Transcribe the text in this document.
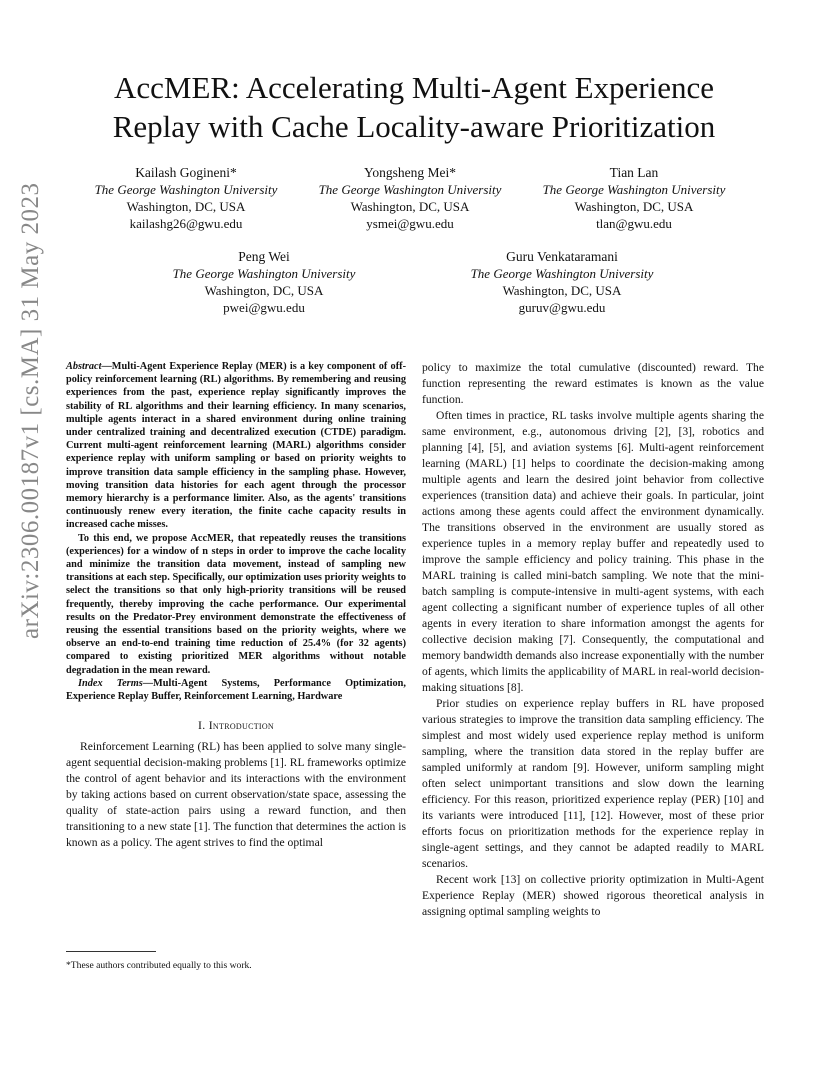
arXiv:2306.00187v1 [cs.MA] 31 May 2023
AccMER: Accelerating Multi-Agent Experience
Replay with Cache Locality-aware Prioritization
Kailash Gogineni*
The George Washington University
Washington, DC, USA
kailashg26@gwu.edu
Yongsheng Mei*
The George Washington University
Washington, DC, USA
ysmei@gwu.edu
Tian Lan
The George Washington University
Washington, DC, USA
tlan@gwu.edu
Peng Wei
The George Washington University
Washington, DC, USA
pwei@gwu.edu
Guru Venkataramani
The George Washington University
Washington, DC, USA
guruv@gwu.edu

Abstract—Multi-Agent Experience Replay (MER) is a key component of off-policy reinforcement learning (RL) algorithms. By remembering and reusing experiences from the past, experience replay significantly improves the stability of RL algorithms and their learning efficiency. In many scenarios, multiple agents interact in a shared environment during online training under centralized training and decentralized execution (CTDE) paradigm. Current multi-agent reinforcement learning (MARL) algorithms consider experience replay with uniform sampling or based on priority weights to improve transition data sample efficiency in the sampling phase. However, moving transition data histories for each agent through the processor memory hierarchy is a performance limiter. Also, as the agents' transitions continuously renew every iteration, the finite cache capacity results in increased cache misses.

To this end, we propose AccMER, that repeatedly reuses the transitions (experiences) for a window of n steps in order to improve the cache locality and minimize the transition data movement, instead of sampling new transitions at each step. Specifically, our optimization uses priority weights to select the transitions so that only high-priority transitions will be reused frequently, thereby improving the cache performance. Our experimental results on the Predator-Prey environment demonstrate the effectiveness of reusing the essential transitions based on the priority weights, where we observe an end-to-end training time reduction of 25.4% (for 32 agents) compared to existing prioritized MER algorithms without notable degradation in the mean reward.

Index Terms—Multi-Agent Systems, Performance Optimization, Experience Replay Buffer, Reinforcement Learning, Hardware

I. Introduction

Reinforcement Learning (RL) has been applied to solve many single-agent sequential decision-making problems [1]. RL frameworks optimize the control of agent behavior and its interactions with the environment by taking actions based on current observation/state space, assessing the quality of state-action pairs using a reward function, and then transitioning to a new state [1]. The function that determines the action is known as a policy. The agent strives to find the optimal

policy to maximize the total cumulative (discounted) reward. The function representing the reward estimates is known as the value function.

Often times in practice, RL tasks involve multiple agents sharing the same environment, e.g., autonomous driving [2], [3], robotics and planning [4], [5], and aviation systems [6]. Multi-agent reinforcement learning (MARL) [1] helps to coordinate the decision-making among multiple agents and learn the desired joint behavior from collective experiences (transition data) and achieve their goals. In particular, joint actions among these agents could affect the environment dynamically. The transitions observed in the environment are usually stored as experience tuples in a memory replay buffer and repeatedly used to improve the sample efficiency and policy training. This phase in the MARL training is called mini-batch sampling. We note that the mini-batch sampling is compute-intensive in multi-agent systems, with each agent collecting a significant number of experience tuples of all other agents in every iteration to share information amongst the agents for collective decision making [7]. Consequently, the computational and memory bandwidth demands also increase exponentially with the number of agents, which limits the applicability of MARL in real-world decision-making situations [8].

Prior studies on experience replay buffers in RL have proposed various strategies to improve the transition data sampling efficiency. The simplest and most widely used experience replay method is uniform sampling, where the transition data stored in the replay buffer are sampled uniformly at random [9]. However, uniform sampling might often select unimportant transitions and slow down the learning efficiency. For this reason, prioritized experience replay (PER) [10] and its variants were introduced [11], [12]. However, most of these prior efforts focus on prioritization methods for the experience replay in single-agent settings, and they cannot be adapted readily to MARL scenarios.

Recent work [13] on collective priority optimization in Multi-Agent Experience Replay (MER) showed rigorous theoretical analysis in assigning optimal sampling weights to

*These authors contributed equally to this work.
